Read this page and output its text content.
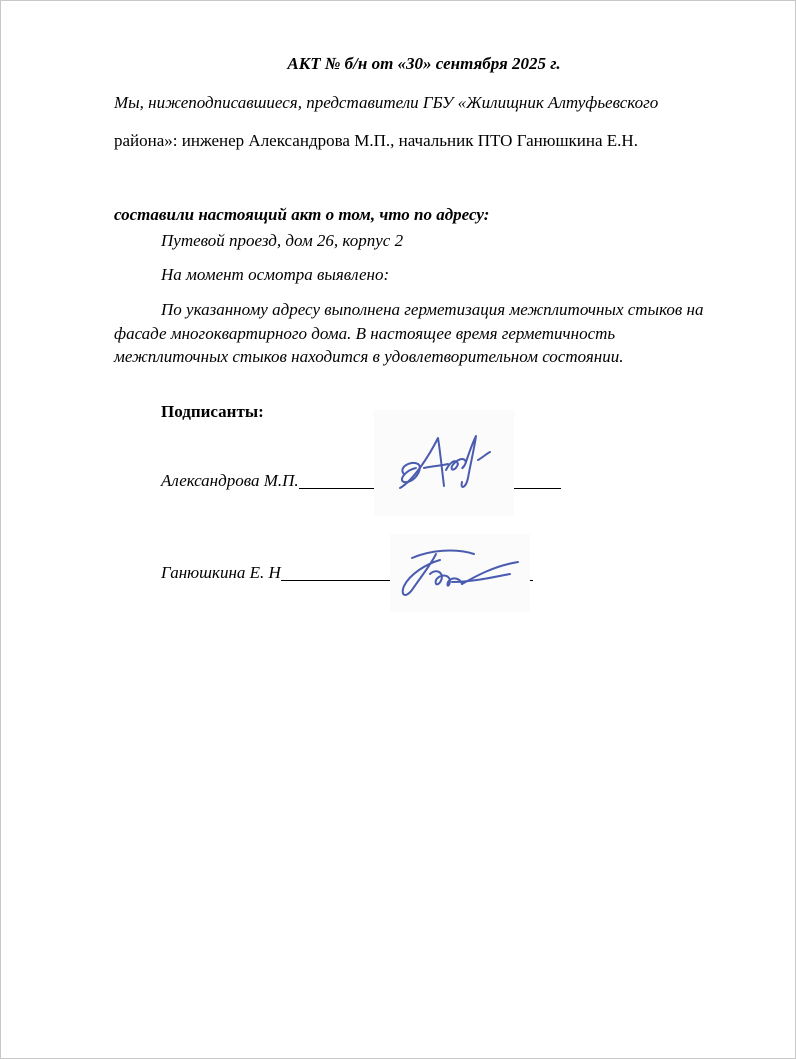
АКТ № б/н от «30» сентября 2025 г.
Мы, нижеподписавшиеся, представители ГБУ «Жилищник Алтуфьевского
района»: инженер Александрова М.П., начальник ПТО Ганюшкина Е.Н.
составили настоящий акт о том, что по адресу:
Путевой проезд, дом 26, корпус 2
На момент осмотра выявлено:
По указанному адресу выполнена герметизация межплиточных стыков на фасаде многоквартирного дома. В настоящее время герметичность межплиточных стыков находится в удовлетворительном состоянии.
Подписанты:
Александрова М.П.
Ганюшкина Е. Н
